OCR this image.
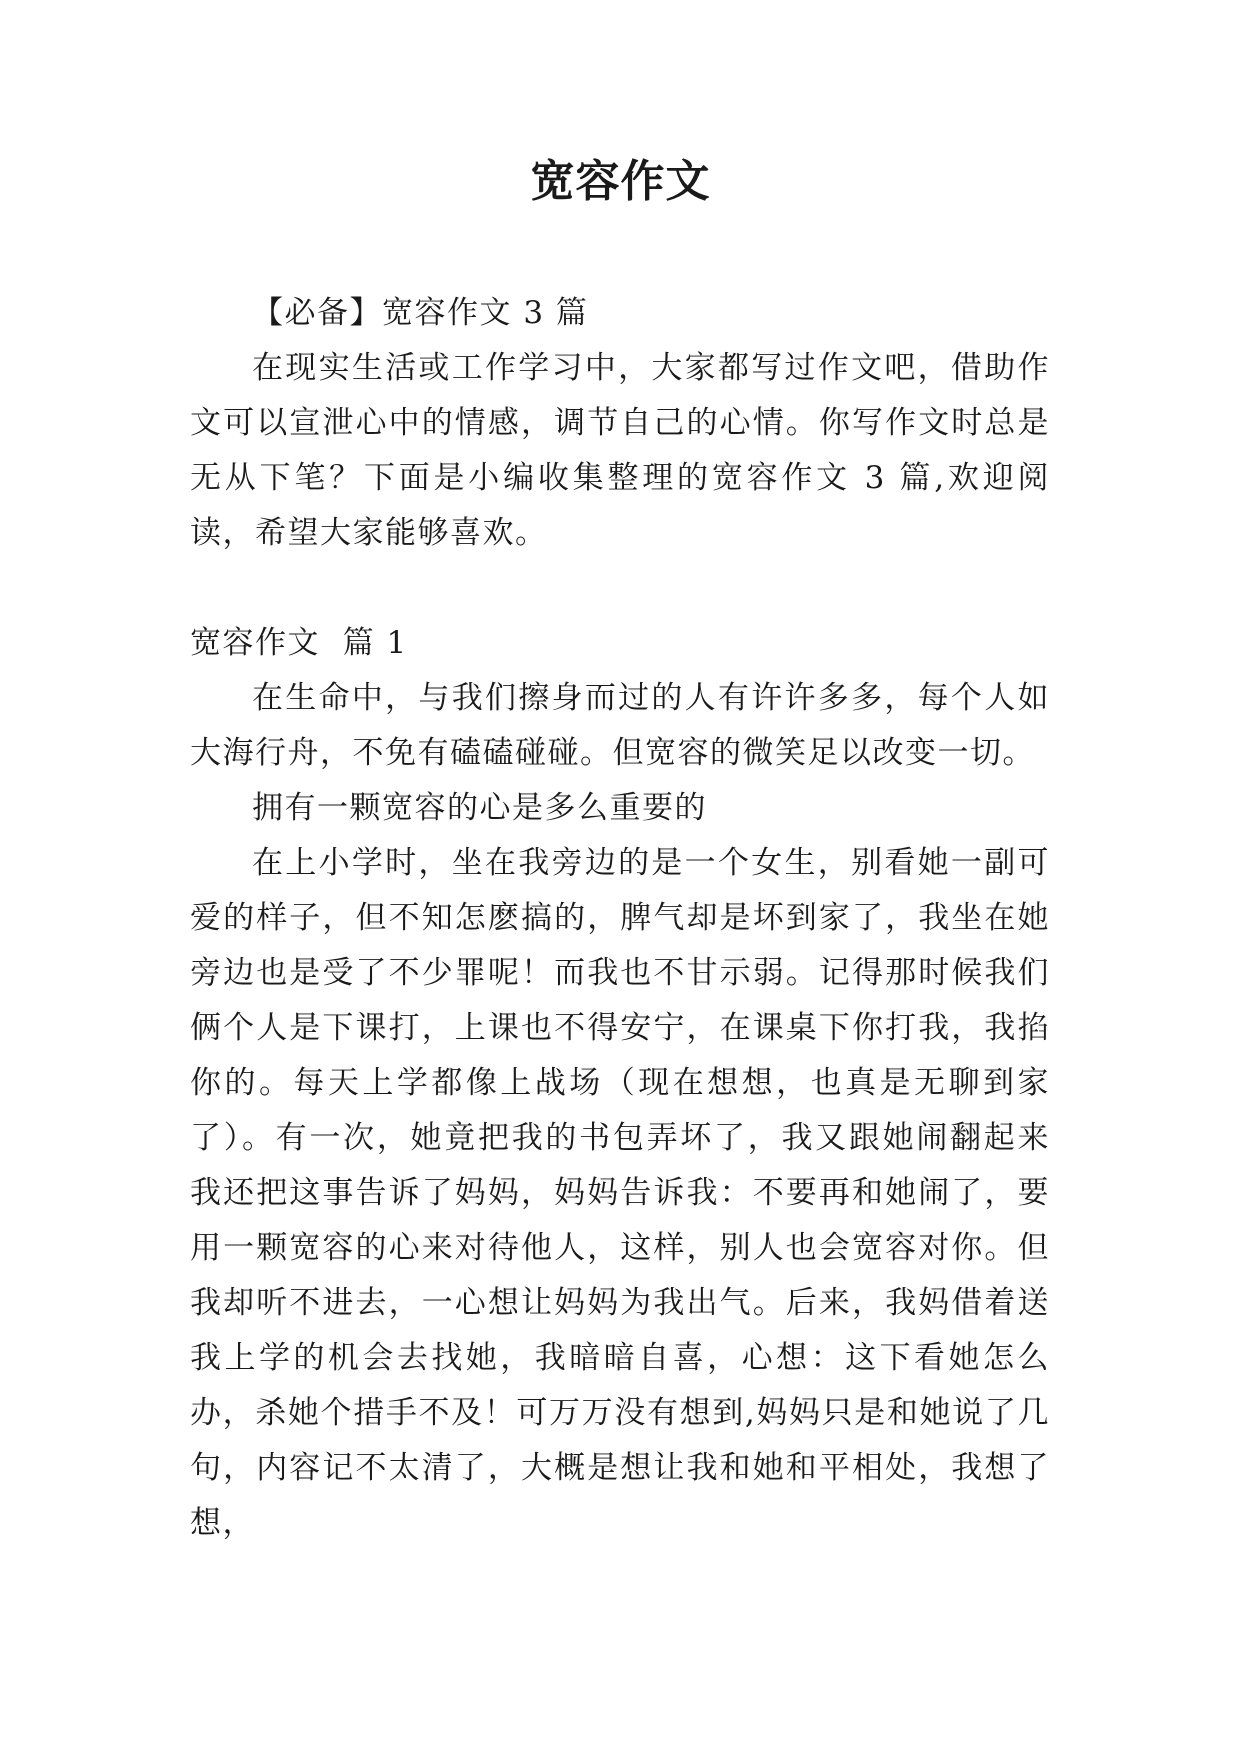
宽容作文

【必备】宽容作文 3 篇

在现实生活或工作学习中，大家都写过作文吧，借助作文可以宣泄心中的情感，调节自己的心情。你写作文时总是无从下笔？下面是小编收集整理的宽容作文 3 篇,欢迎阅读，希望大家能够喜欢。

宽容作文  篇 1

在生命中，与我们擦身而过的人有许许多多，每个人如大海行舟，不免有磕磕碰碰。但宽容的微笑足以改变一切。

拥有一颗宽容的心是多么重要的

在上小学时，坐在我旁边的是一个女生，别看她一副可爱的样子，但不知怎麽搞的，脾气却是坏到家了，我坐在她旁边也是受了不少罪呢！而我也不甘示弱。记得那时候我们俩个人是下课打，上课也不得安宁，在课桌下你打我，我掐你的。每天上学都像上战场（现在想想，也真是无聊到家了）。有一次，她竟把我的书包弄坏了，我又跟她闹翻起来我还把这事告诉了妈妈，妈妈告诉我：不要再和她闹了，要用一颗宽容的心来对待他人，这样，别人也会宽容对你。但我却听不进去，一心想让妈妈为我出气。后来，我妈借着送我上学的机会去找她，我暗暗自喜，心想：这下看她怎么办，杀她个措手不及！可万万没有想到,妈妈只是和她说了几句，内容记不太清了，大概是想让我和她和平相处，我想了想，
